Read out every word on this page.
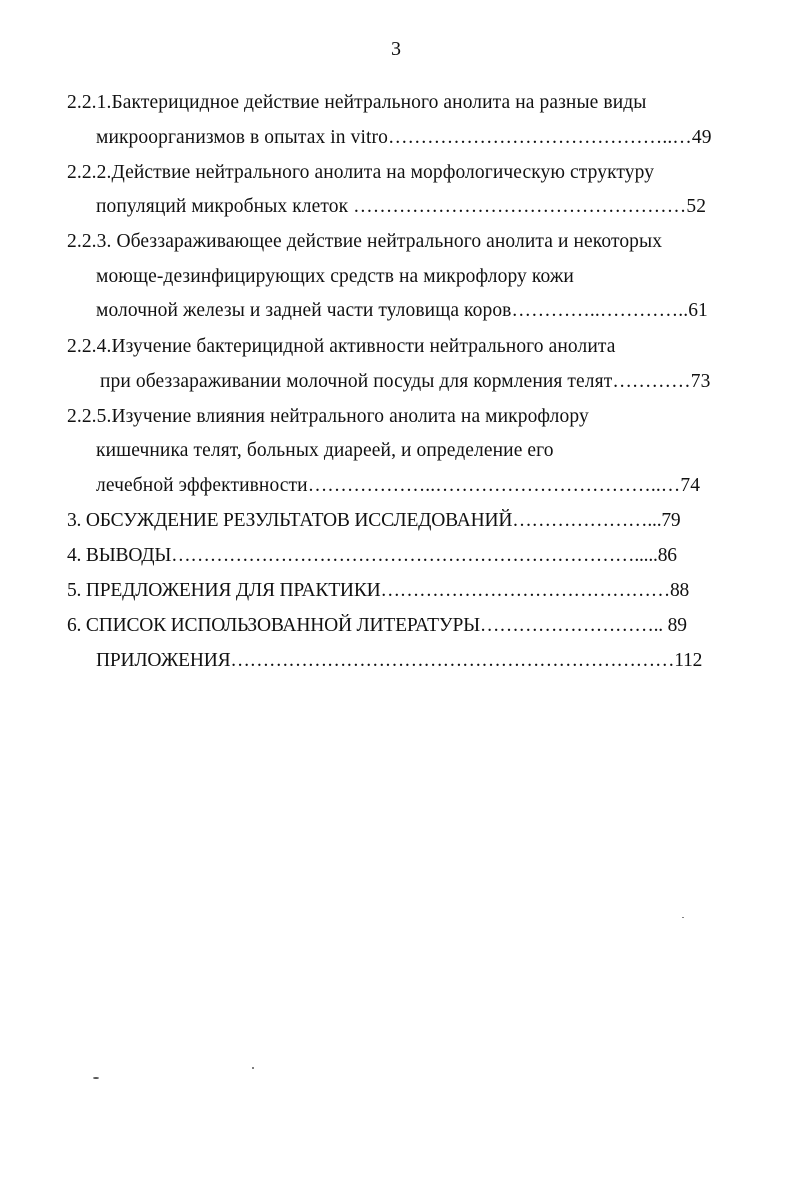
3
2.2.1.Бактерицидное действие нейтрального анолита на разные виды
микроорганизмов в опытах in vitro……………………………………..…49
2.2.2.Действие нейтрального анолита на морфологическую структуру
популяций микробных клеток ……………………………………………52
2.2.3. Обеззараживающее действие нейтрального анолита и некоторых
моюще-дезинфицирующих средств на микрофлору кожи
молочной железы и задней части туловища коров…………..…………..61
2.2.4.Изучение бактерицидной активности нейтрального анолита
при обеззараживании молочной посуды для кормления телят…………73
2.2.5.Изучение влияния нейтрального анолита на микрофлору
кишечника телят, больных диареей, и определение его
лечебной эффективности………………..……………………………..…74
3. ОБСУЖДЕНИЕ РЕЗУЛЬТАТОВ ИССЛЕДОВАНИЙ…………………...79
4. ВЫВОДЫ……………………………………………………………….....86
5. ПРЕДЛОЖЕНИЯ ДЛЯ ПРАКТИКИ………………………………………88
6. СПИСОК ИСПОЛЬЗОВАННОЙ ЛИТЕРАТУРЫ……………………….. 89
ПРИЛОЖЕНИЯ……………………………………………………………112
